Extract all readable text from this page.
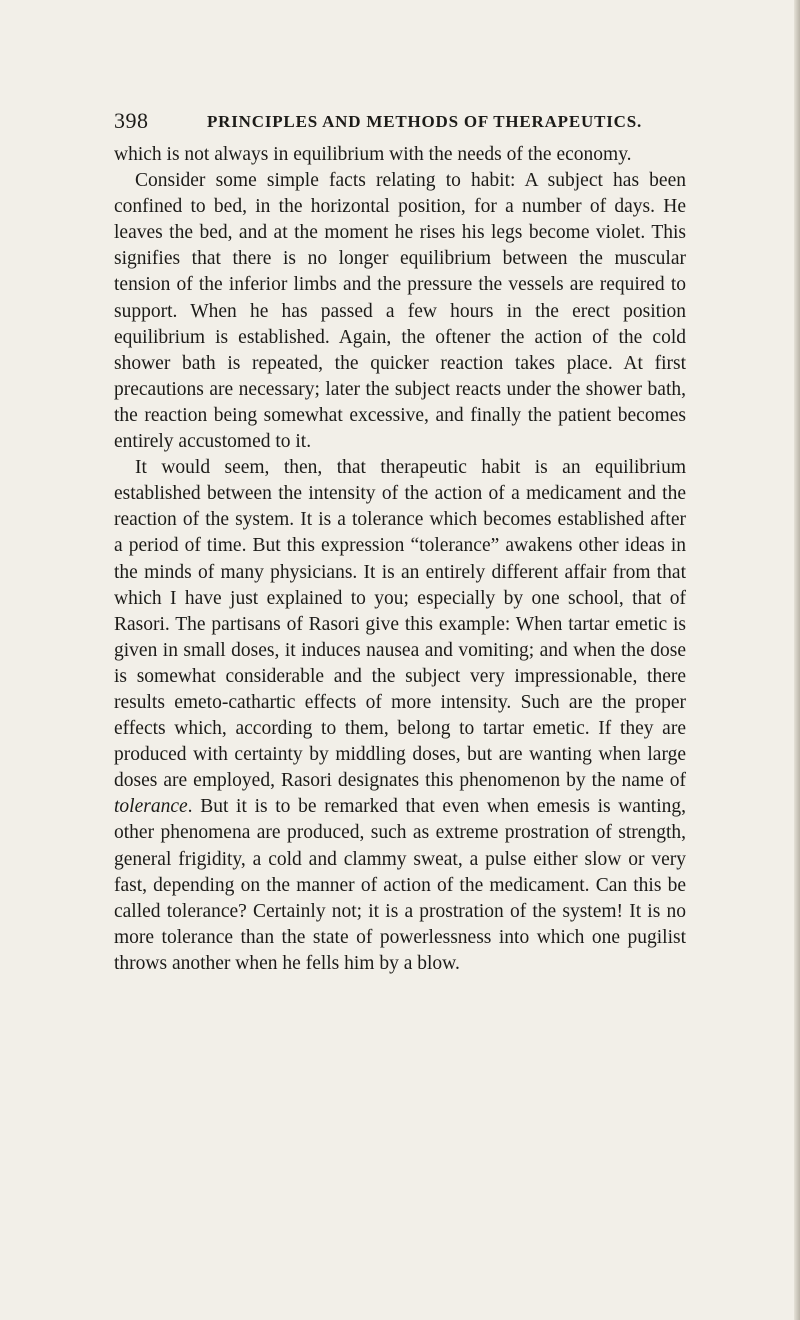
398	PRINCIPLES AND METHODS OF THERAPEUTICS.

which is not always in equilibrium with the needs of the economy.

Consider some simple facts relating to habit: A subject has been confined to bed, in the horizontal position, for a number of days. He leaves the bed, and at the moment he rises his legs become violet. This signifies that there is no longer equilibrium between the muscular tension of the inferior limbs and the pressure the vessels are required to support. When he has passed a few hours in the erect position equilibrium is established. Again, the oftener the action of the cold shower bath is repeated, the quicker reaction takes place. At first precautions are necessary; later the subject reacts under the shower bath, the reaction being somewhat excessive, and finally the patient becomes entirely accustomed to it.

It would seem, then, that therapeutic habit is an equilibrium established between the intensity of the action of a medicament and the reaction of the system. It is a tolerance which becomes established after a period of time. But this expression “tolerance” awakens other ideas in the minds of many physicians. It is an entirely different affair from that which I have just explained to you; especially by one school, that of Rasori. The partisans of Rasori give this example: When tartar emetic is given in small doses, it induces nausea and vomiting; and when the dose is somewhat considerable and the subject very impressionable, there results emeto-cathartic effects of more intensity. Such are the proper effects which, according to them, belong to tartar emetic. If they are produced with certainty by middling doses, but are wanting when large doses are employed, Rasori designates this phenomenon by the name of tolerance. But it is to be remarked that even when emesis is wanting, other phenomena are produced, such as extreme prostration of strength, general frigidity, a cold and clammy sweat, a pulse either slow or very fast, depending on the manner of action of the medicament. Can this be called tolerance? Certainly not; it is a prostration of the system! It is no more tolerance than the state of powerlessness into which one pugilist throws another when he fells him by a blow.
